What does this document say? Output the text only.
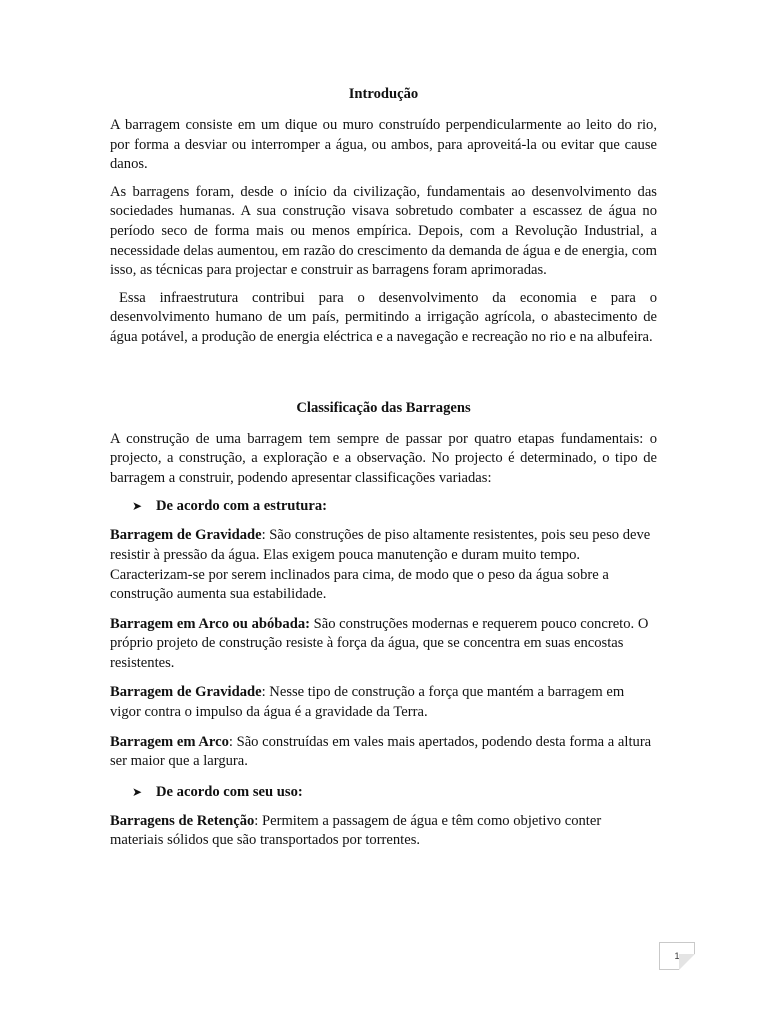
Introdução

A barragem consiste em um dique ou muro construído perpendicularmente ao leito do rio, por forma a desviar ou interromper a água, ou ambos, para aproveitá-la ou evitar que cause danos.

As barragens foram, desde o início da civilização, fundamentais ao desenvolvimento das sociedades humanas. A sua construção visava sobretudo combater a escassez de água no período seco de forma mais ou menos empírica. Depois, com a Revolução Industrial, a necessidade delas aumentou, em razão do crescimento da demanda de água e de energia, com isso, as técnicas para projectar e construir as barragens foram aprimoradas.

Essa infraestrutura contribui para o desenvolvimento da economia e para o desenvolvimento humano de um país, permitindo a irrigação agrícola, o abastecimento de água potável, a produção de energia eléctrica e a navegação e recreação no rio e na albufeira.

Classificação das Barragens

A construção de uma barragem tem sempre de passar por quatro etapas fundamentais: o projecto, a construção, a exploração e a observação. No projecto é determinado, o tipo de barragem a construir, podendo apresentar classificações variadas:

➤ De acordo com a estrutura:

Barragem de Gravidade: São construções de piso altamente resistentes, pois seu peso deve resistir à pressão da água. Elas exigem pouca manutenção e duram muito tempo. Caracterizam-se por serem inclinados para cima, de modo que o peso da água sobre a construção aumenta sua estabilidade.

Barragem em Arco ou abóbada: São construções modernas e requerem pouco concreto. O próprio projeto de construção resiste à força da água, que se concentra em suas encostas resistentes.

Barragem de Gravidade: Nesse tipo de construção a força que mantém a barragem em vigor contra o impulso da água é a gravidade da Terra.

Barragem em Arco: São construídas em vales mais apertados, podendo desta forma a altura ser maior que a largura.

➤ De acordo com seu uso:

Barragens de Retenção: Permitem a passagem de água e têm como objetivo conter materiais sólidos que são transportados por torrentes.

1
